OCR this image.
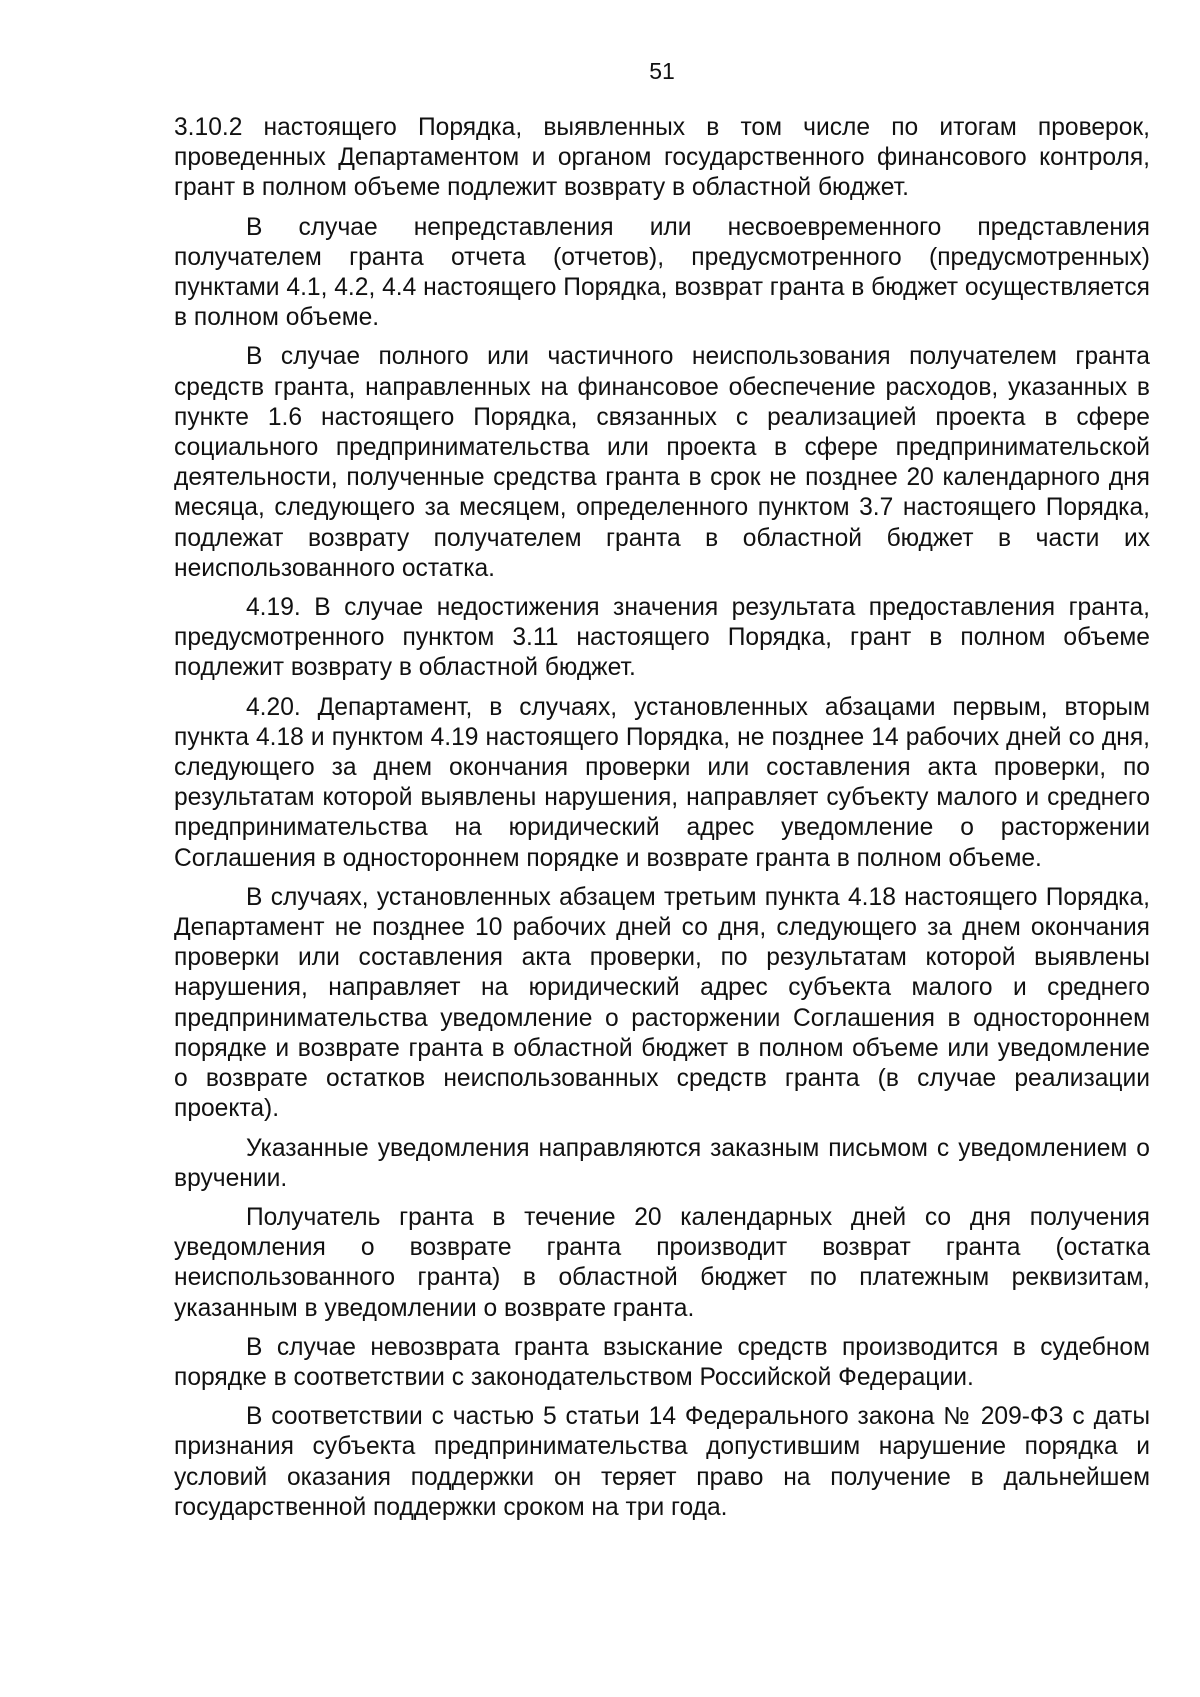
51

3.10.2 настоящего Порядка, выявленных в том числе по итогам проверок, проведенных Департаментом и органом государственного финансового контроля, грант в полном объеме подлежит возврату в областной бюджет.

В случае непредставления или несвоевременного представления получателем гранта отчета (отчетов), предусмотренного (предусмотренных) пунктами 4.1, 4.2, 4.4 настоящего Порядка, возврат гранта в бюджет осуществляется в полном объеме.

В случае полного или частичного неиспользования получателем гранта средств гранта, направленных на финансовое обеспечение расходов, указанных в пункте 1.6 настоящего Порядка, связанных с реализацией проекта в сфере социального предпринимательства или проекта в сфере предпринимательской деятельности, полученные средства гранта в срок не позднее 20 календарного дня месяца, следующего за месяцем, определенного пунктом 3.7 настоящего Порядка, подлежат возврату получателем гранта в областной бюджет в части их неиспользованного остатка.

4.19. В случае недостижения значения результата предоставления гранта, предусмотренного пунктом 3.11 настоящего Порядка, грант в полном объеме подлежит возврату в областной бюджет.

4.20. Департамент, в случаях, установленных абзацами первым, вторым пункта 4.18 и пунктом 4.19 настоящего Порядка, не позднее 14 рабочих дней со дня, следующего за днем окончания проверки или составления акта проверки, по результатам которой выявлены нарушения, направляет субъекту малого и среднего предпринимательства на юридический адрес уведомление о расторжении Соглашения в одностороннем порядке и возврате гранта в полном объеме.

В случаях, установленных абзацем третьим пункта 4.18 настоящего Порядка, Департамент не позднее 10 рабочих дней со дня, следующего за днем окончания проверки или составления акта проверки, по результатам которой выявлены нарушения, направляет на юридический адрес субъекта малого и среднего предпринимательства уведомление о расторжении Соглашения в одностороннем порядке и возврате гранта в областной бюджет в полном объеме или уведомление о возврате остатков неиспользованных средств гранта (в случае реализации проекта).

Указанные уведомления направляются заказным письмом с уведомлением о вручении.

Получатель гранта в течение 20 календарных дней со дня получения уведомления о возврате гранта производит возврат гранта (остатка неиспользованного гранта) в областной бюджет по платежным реквизитам, указанным в уведомлении о возврате гранта.

В случае невозврата гранта взыскание средств производится в судебном порядке в соответствии с законодательством Российской Федерации.

В соответствии с частью 5 статьи 14 Федерального закона № 209-ФЗ с даты признания субъекта предпринимательства допустившим нарушение порядка и условий оказания поддержки он теряет право на получение в дальнейшем государственной поддержки сроком на три года.
